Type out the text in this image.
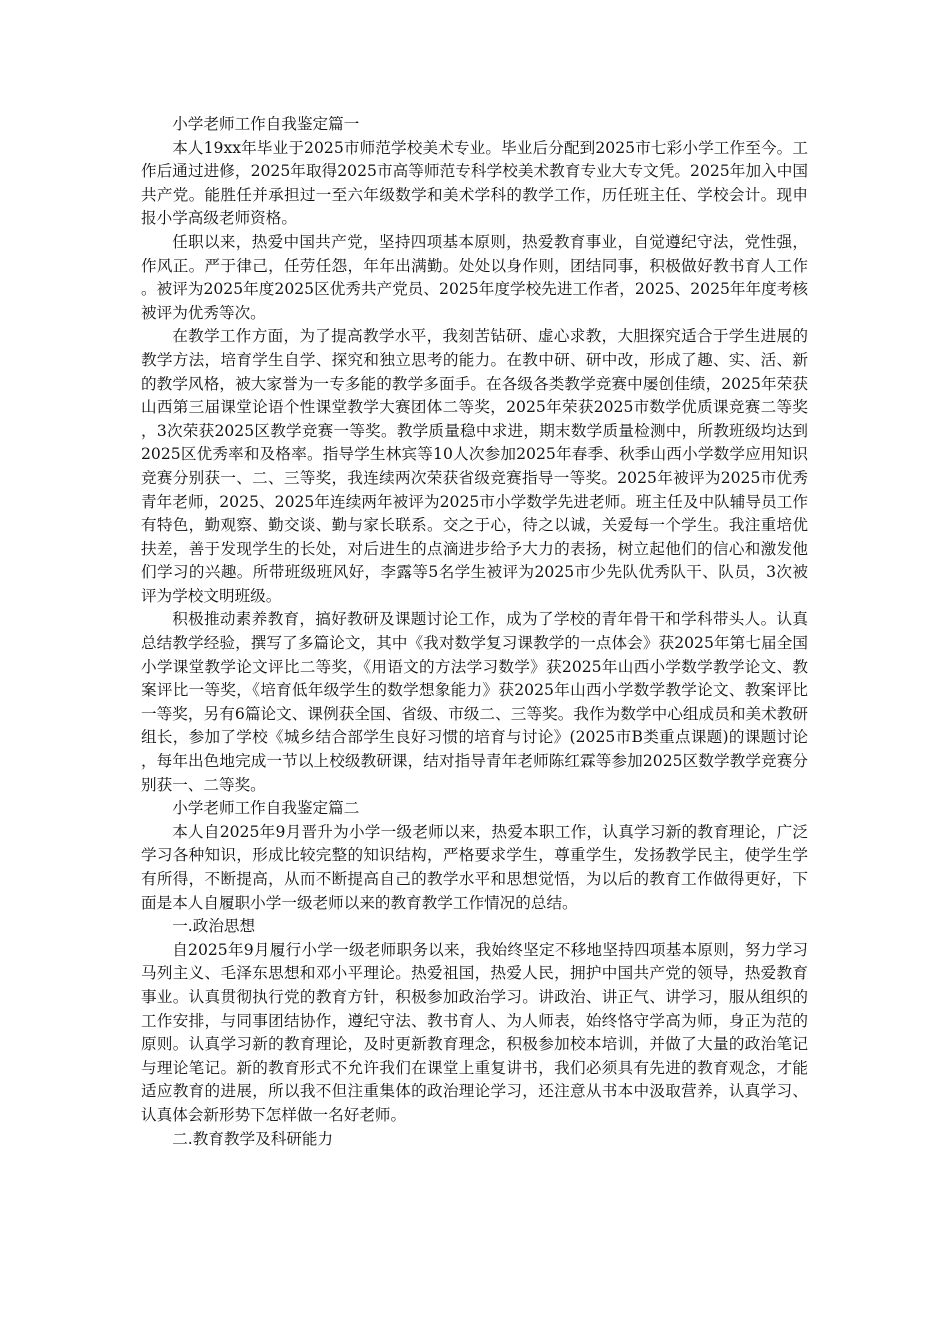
小学老师工作自我鉴定篇一

本人19xx年毕业于2025市师范学校美术专业。毕业后分配到2025市七彩小学工作至今。工作后通过进修，2025年取得2025市高等师范专科学校美术教育专业大专文凭。2025年加入中国共产党。能胜任并承担过一至六年级数学和美术学科的教学工作，历任班主任、学校会计。现申报小学高级老师资格。

任职以来，热爱中国共产党，坚持四项基本原则，热爱教育事业，自觉遵纪守法，党性强，作风正。严于律己，任劳任怨，年年出满勤。处处以身作则，团结同事，积极做好教书育人工作。被评为2025年度2025区优秀共产党员、2025年度学校先进工作者，2025、2025年年度考核被评为优秀等次。

在教学工作方面，为了提高教学水平，我刻苦钻研、虚心求教，大胆探究适合于学生进展的教学方法，培育学生自学、探究和独立思考的能力。在教中研、研中改，形成了趣、实、活、新的教学风格，被大家誉为一专多能的教学多面手。在各级各类教学竞赛中屡创佳绩，2025年荣获山西第三届课堂论语个性课堂教学大赛团体二等奖，2025年荣获2025市数学优质课竞赛二等奖，3次荣获2025区教学竞赛一等奖。教学质量稳中求进，期末数学质量检测中，所教班级均达到2025区优秀率和及格率。指导学生林宾等10人次参加2025年春季、秋季山西小学数学应用知识竞赛分别获一、二、三等奖，我连续两次荣获省级竞赛指导一等奖。2025年被评为2025市优秀青年老师，2025、2025年连续两年被评为2025市小学数学先进老师。班主任及中队辅导员工作有特色，勤观察、勤交谈、勤与家长联系。交之于心，待之以诚，关爱每一个学生。我注重培优扶差，善于发现学生的长处，对后进生的点滴进步给予大力的表扬，树立起他们的信心和激发他们学习的兴趣。所带班级班风好，李露等5名学生被评为2025市少先队优秀队干、队员，3次被评为学校文明班级。

积极推动素养教育，搞好教研及课题讨论工作，成为了学校的青年骨干和学科带头人。认真总结教学经验，撰写了多篇论文，其中《我对数学复习课教学的一点体会》获2025年第七届全国小学课堂教学论文评比二等奖，《用语文的方法学习数学》获2025年山西小学数学教学论文、教案评比一等奖，《培育低年级学生的数学想象能力》获2025年山西小学数学教学论文、教案评比一等奖，另有6篇论文、课例获全国、省级、市级二、三等奖。我作为数学中心组成员和美术教研组长，参加了学校《城乡结合部学生良好习惯的培育与讨论》(2025市B类重点课题)的课题讨论，每年出色地完成一节以上校级教研课，结对指导青年老师陈红霖等参加2025区数学教学竞赛分别获一、二等奖。

小学老师工作自我鉴定篇二

本人自2025年9月晋升为小学一级老师以来，热爱本职工作，认真学习新的教育理论，广泛学习各种知识，形成比较完整的知识结构，严格要求学生，尊重学生，发扬教学民主，使学生学有所得，不断提高，从而不断提高自己的教学水平和思想觉悟，为以后的教育工作做得更好，下面是本人自履职小学一级老师以来的教育教学工作情况的总结。

一.政治思想

自2025年9月履行小学一级老师职务以来，我始终坚定不移地坚持四项基本原则，努力学习马列主义、毛泽东思想和邓小平理论。热爱祖国，热爱人民，拥护中国共产党的领导，热爱教育事业。认真贯彻执行党的教育方针，积极参加政治学习。讲政治、讲正气、讲学习，服从组织的工作安排，与同事团结协作，遵纪守法、教书育人、为人师表，始终恪守学高为师，身正为范的原则。认真学习新的教育理论，及时更新教育理念，积极参加校本培训，并做了大量的政治笔记与理论笔记。新的教育形式不允许我们在课堂上重复讲书，我们必须具有先进的教育观念，才能适应教育的进展，所以我不但注重集体的政治理论学习，还注意从书本中汲取营养，认真学习、认真体会新形势下怎样做一名好老师。

二.教育教学及科研能力
